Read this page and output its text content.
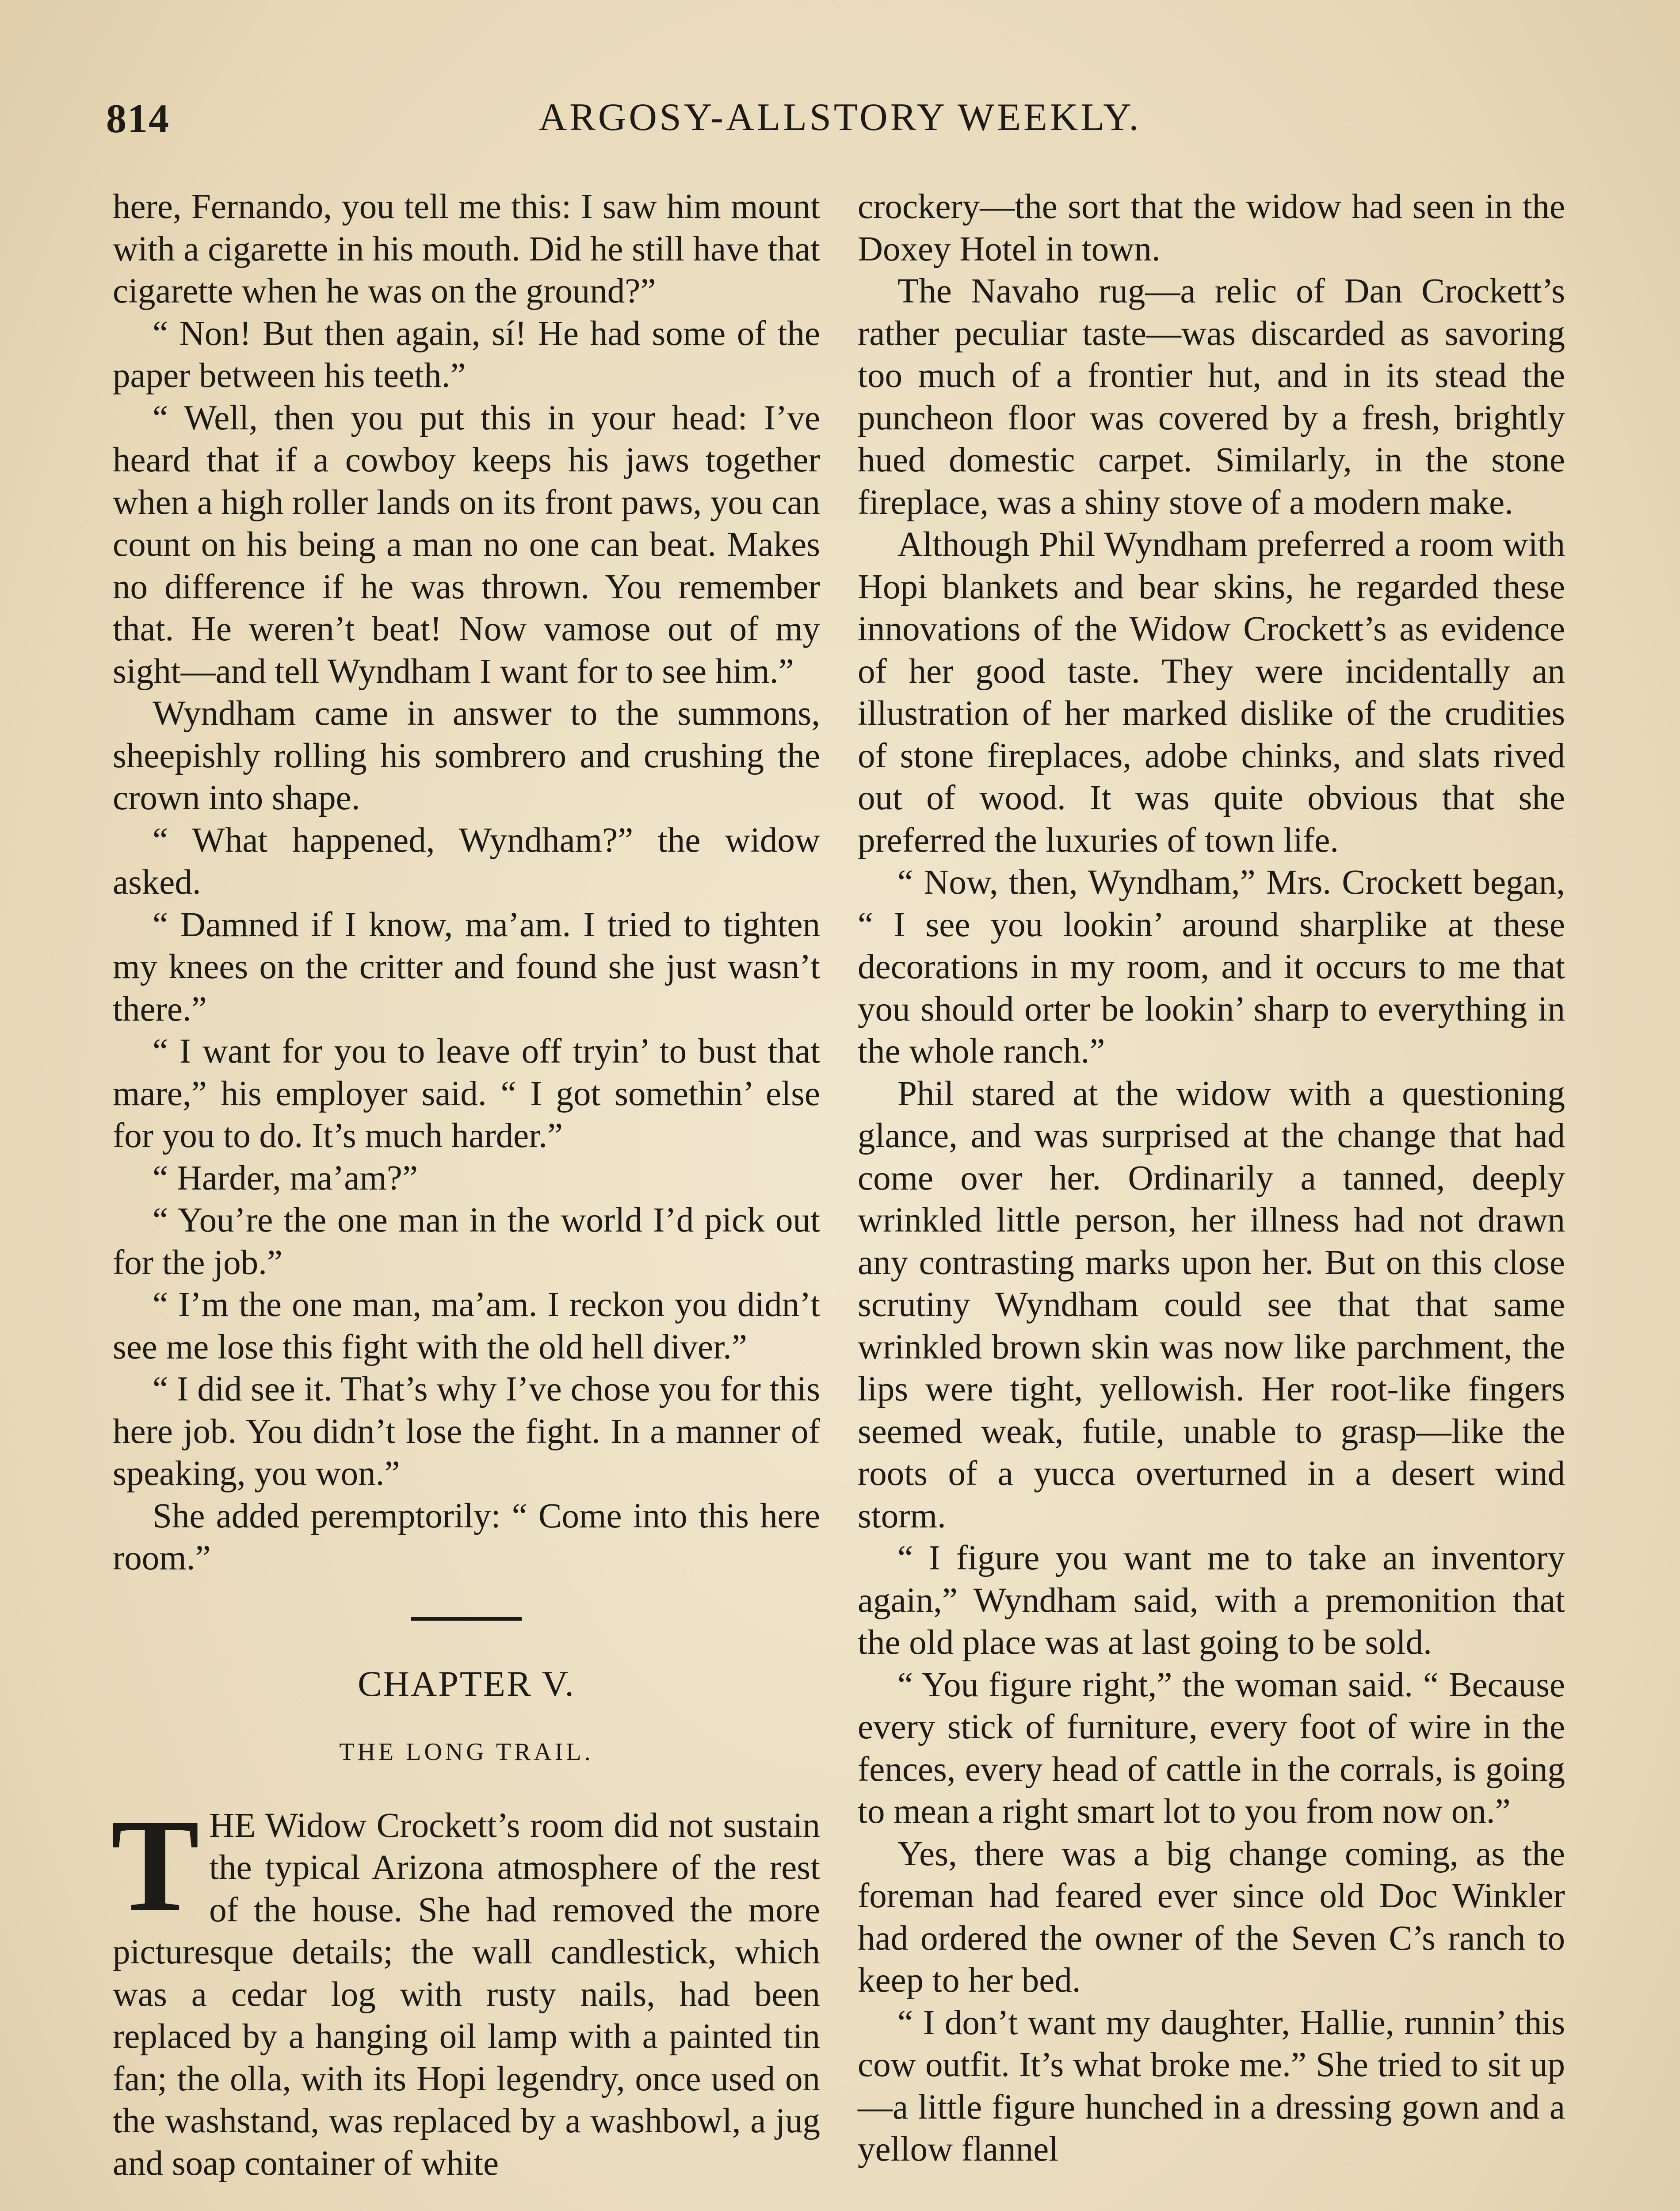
814	ARGOSY-ALLSTORY WEEKLY.

here, Fernando, you tell me this: I saw him mount with a cigarette in his mouth. Did he still have that cigarette when he was on the ground?”

“ Non! But then again, sí! He had some of the paper between his teeth.”

“ Well, then you put this in your head: I’ve heard that if a cowboy keeps his jaws together when a high roller lands on its front paws, you can count on his being a man no one can beat. Makes no difference if he was thrown. You remember that. He weren’t beat! Now vamose out of my sight—and tell Wyndham I want for to see him.”

Wyndham came in answer to the summons, sheepishly rolling his sombrero and crushing the crown into shape.

“ What happened, Wyndham?” the widow asked.

“ Damned if I know, ma’am. I tried to tighten my knees on the critter and found she just wasn’t there.”

“ I want for you to leave off tryin’ to bust that mare,” his employer said. “ I got somethin’ else for you to do. It’s much harder.”

“ Harder, ma’am?”

“ You’re the one man in the world I’d pick out for the job.”

“ I’m the one man, ma’am. I reckon you didn’t see me lose this fight with the old hell diver.”

“ I did see it. That’s why I’ve chose you for this here job. You didn’t lose the fight. In a manner of speaking, you won.”

She added peremptorily: “ Come into this here room.”

CHAPTER V.
THE LONG TRAIL.

THE Widow Crockett’s room did not sustain the typical Arizona atmosphere of the rest of the house. She had removed the more picturesque details; the wall candlestick, which was a cedar log with rusty nails, had been replaced by a hanging oil lamp with a painted tin fan; the olla, with its Hopi legendry, once used on the washstand, was replaced by a washbowl, a jug and soap container of white

crockery—the sort that the widow had seen in the Doxey Hotel in town.

The Navaho rug—a relic of Dan Crockett’s rather peculiar taste—was discarded as savoring too much of a frontier hut, and in its stead the puncheon floor was covered by a fresh, brightly hued domestic carpet. Similarly, in the stone fireplace, was a shiny stove of a modern make.

Although Phil Wyndham preferred a room with Hopi blankets and bear skins, he regarded these innovations of the Widow Crockett’s as evidence of her good taste. They were incidentally an illustration of her marked dislike of the crudities of stone fireplaces, adobe chinks, and slats rived out of wood. It was quite obvious that she preferred the luxuries of town life.

“ Now, then, Wyndham,” Mrs. Crockett began, “ I see you lookin’ around sharplike at these decorations in my room, and it occurs to me that you should orter be lookin’ sharp to everything in the whole ranch.”

Phil stared at the widow with a questioning glance, and was surprised at the change that had come over her. Ordinarily a tanned, deeply wrinkled little person, her illness had not drawn any contrasting marks upon her. But on this close scrutiny Wyndham could see that that same wrinkled brown skin was now like parchment, the lips were tight, yellowish. Her root-like fingers seemed weak, futile, unable to grasp—like the roots of a yucca overturned in a desert wind storm.

“ I figure you want me to take an inventory again,” Wyndham said, with a premonition that the old place was at last going to be sold.

“ You figure right,” the woman said. “ Because every stick of furniture, every foot of wire in the fences, every head of cattle in the corrals, is going to mean a right smart lot to you from now on.”

Yes, there was a big change coming, as the foreman had feared ever since old Doc Winkler had ordered the owner of the Seven C’s ranch to keep to her bed.

“ I don’t want my daughter, Hallie, runnin’ this cow outfit. It’s what broke me.” She tried to sit up—a little figure hunched in a dressing gown and a yellow flannel
